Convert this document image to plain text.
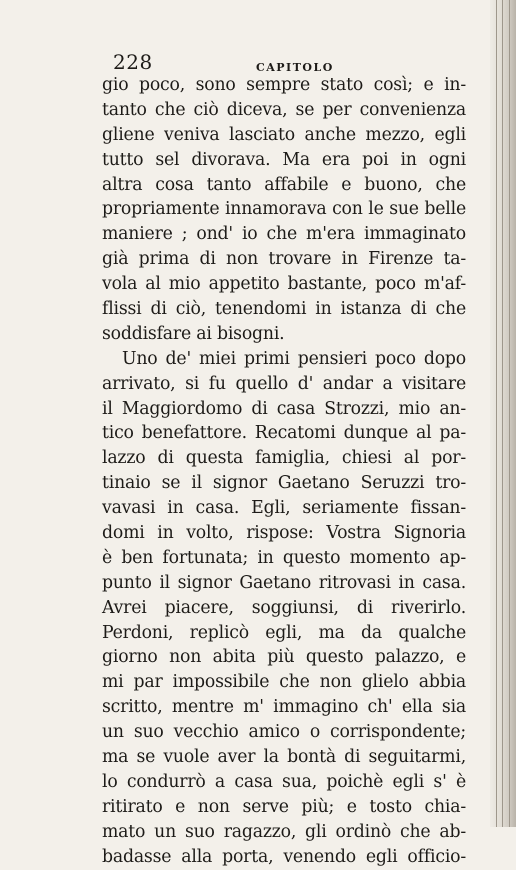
228	CAPITOLO
gio poco, sono sempre stato così; e in-
tanto che ciò diceva, se per convenienza
gliene veniva lasciato anche mezzo, egli
tutto sel divorava. Ma era poi in ogni
altra cosa tanto affabile e buono, che
propriamente innamorava con le sue belle
maniere ; ond' io che m'era immaginato
già prima di non trovare in Firenze ta-
vola al mio appetito bastante, poco m'af-
flissi di ciò, tenendomi in istanza di che
soddisfare ai bisogni.
Uno de' miei primi pensieri poco dopo
arrivato, si fu quello d' andar a visitare
il Maggiordomo di casa Strozzi, mio an-
tico benefattore. Recatomi dunque al pa-
lazzo di questa famiglia, chiesi al por-
tinaio se il signor Gaetano Seruzzi tro-
vavasi in casa. Egli, seriamente fissan-
domi in volto, rispose: Vostra Signoria
è ben fortunata; in questo momento ap-
punto il signor Gaetano ritrovasi in casa.
Avrei piacere, soggiunsi, di riverirlo.
Perdoni, replicò egli, ma da qualche
giorno non abita più questo palazzo, e
mi par impossibile che non glielo abbia
scritto, mentre m' immagino ch' ella sia
un suo vecchio amico o corrispondente;
ma se vuole aver la bontà di seguitarmi,
lo condurrò a casa sua, poichè egli s' è
ritirato e non serve più; e tosto chia-
mato un suo ragazzo, gli ordinò che ab-
badasse alla porta, venendo egli officio-
